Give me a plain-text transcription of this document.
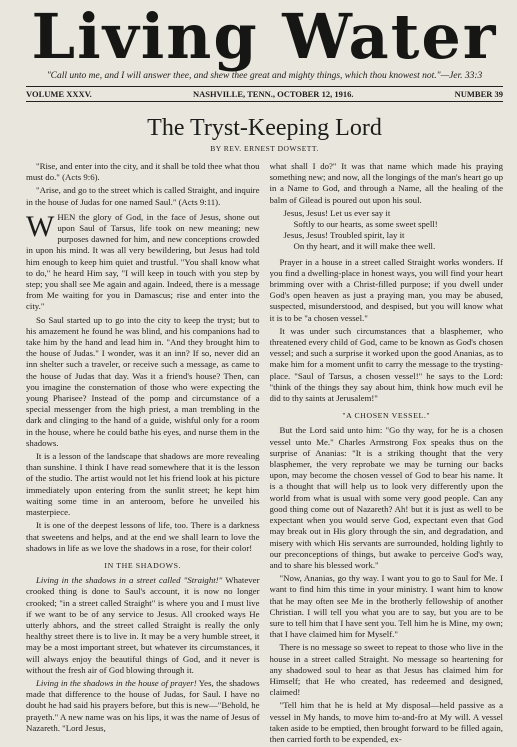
Living Water
"Call unto me, and I will answer thee, and shew thee great and mighty things, which thou knowest not."—Jer. 33:3
VOLUME XXXV.	NASHVILLE, TENN., OCTOBER 12, 1916.	NUMBER 39
The Tryst-Keeping Lord
BY REV. ERNEST DOWSETT.

"Rise, and enter into the city, and it shall be told thee what thou must do." (Acts 9:6).

"Arise, and go to the street which is called Straight, and inquire in the house of Judas for one named Saul." (Acts 9:11).

WHEN the glory of God, in the face of Jesus, shone out upon Saul of Tarsus, life took on new meaning; new purposes dawned for him, and new conceptions crowded in upon his mind. It was all very bewildering, but Jesus had told him enough to keep him quiet and trustful. "You shall know what to do," he heard Him say, "I will keep in touch with you step by step; you shall see Me again and again. Indeed, there is a message from Me waiting for you in Damascus; rise and enter into the city."

So Saul started up to go into the city to keep the tryst; but to his amazement he found he was blind, and his companions had to take him by the hand and lead him in. "And they brought him to the house of Judas." I wonder, was it an inn? If so, never did an inn shelter such a traveler, or receive such a message, as came to the house of Judas that day. Was it a friend's house? Then, can you imagine the consternation of those who were expecting the young Pharisee? Instead of the pomp and circumstance of a special messenger from the high priest, a man trembling in the dark and clinging to the hand of a guide, wishful only for a room in the house, where he could bathe his eyes, and nurse them in the shadows.

It is a lesson of the landscape that shadows are more revealing than sunshine. I think I have read somewhere that it is the lesson of the studio. The artist would not let his friend look at his picture immediately upon entering from the sunlit street; he kept him waiting some time in an anteroom, before he unveiled his masterpiece.

It is one of the deepest lessons of life, too. There is a darkness that sweetens and helps, and at the end we shall learn to love the shadows in life as we love the shadows in a rose, for their color!

IN THE SHADOWS.

Living in the shadows in a street called "Straight!" Whatever crooked thing is done to Saul's account, it is now no longer crooked; "in a street called Straight" is where you and I must live if we want to be of any service to Jesus. All crooked ways He utterly abhors, and the street called Straight is really the only healthy street there is to live in. It may be a very humble street, it may be a most important street, but whatever its circumstances, it will always enjoy the beautiful things of God, and it never is without the fresh air of God blowing through it.

Living in the shadows in the house of prayer! Yes, the shadows made that difference to the house of Judas, for Saul. I have no doubt he had said his prayers before, but this is new—"Behold, he prayeth." A new name was on his lips, it was the name of Jesus of Nazareth. "Lord Jesus,

what shall I do?" It was that name which made his praying something new; and now, all the longings of the man's heart go up in a Name to God, and through a Name, all the healing of the balm of Gilead is poured out upon his soul.

Jesus, Jesus! Let us ever say it
Softly to our hearts, as some sweet spell!
Jesus, Jesus! Troubled spirit, lay it
On thy heart, and it will make thee well.

Prayer in a house in a street called Straight works wonders. If you find a dwelling-place in honest ways, you will find your heart brimming over with a Christ-filled purpose; if you dwell under God's open heaven as just a praying man, you may be abused, suspected, misunderstood, and despised, but you will know what it is to be "a chosen vessel."

It was under such circumstances that a blasphemer, who threatened every child of God, came to be known as God's chosen vessel; and such a surprise it worked upon the good Ananias, as to make him for a moment unfit to carry the message to the trysting-place. "Saul of Tarsus, a chosen vessel!" he says to the Lord: "think of the things they say about him, think how much evil he did to thy saints at Jerusalem!"

"A CHOSEN VESSEL."

But the Lord said unto him: "Go thy way, for he is a chosen vessel unto Me." Charles Armstrong Fox speaks thus on the surprise of Ananias: "It is a striking thought that the very blasphemer, the very reprobate we may be turning our backs upon, may become the chosen vessel of God to bear his name. It is a thought that will help us to look very differently upon the world from what is usual with some very good people. Can any good thing come out of Nazareth? Ah! but it is just as well to be expectant when you would serve God, expectant even that God may break out in His glory through the sin, and degradation, and misery with which His servants are surrounded, holding lightly to our preconceptions of things, but awake to perceive God's way, and to share his blessed work."

"Now, Ananias, go thy way. I want you to go to Saul for Me. I want to find him this time in your ministry. I want him to know that he may often see Me in the brotherly fellowship of another Christian. I will tell you what you are to say, but you are to be sure to tell him that I have sent you. Tell him he is Mine, my own; that I have claimed him for Myself."

There is no message so sweet to repeat to those who live in the house in a street called Straight. No message so heartening for any shadowed soul to hear as that Jesus has claimed him for Himself; that He who created, has redeemed and designed, claimed!

"Tell him that he is held at My disposal—held passive as a vessel in My hands, to move him to-and-fro at My will. A vessel taken aside to be emptied, then brought forward to be filled again, then carried forth to be expended, ex-
